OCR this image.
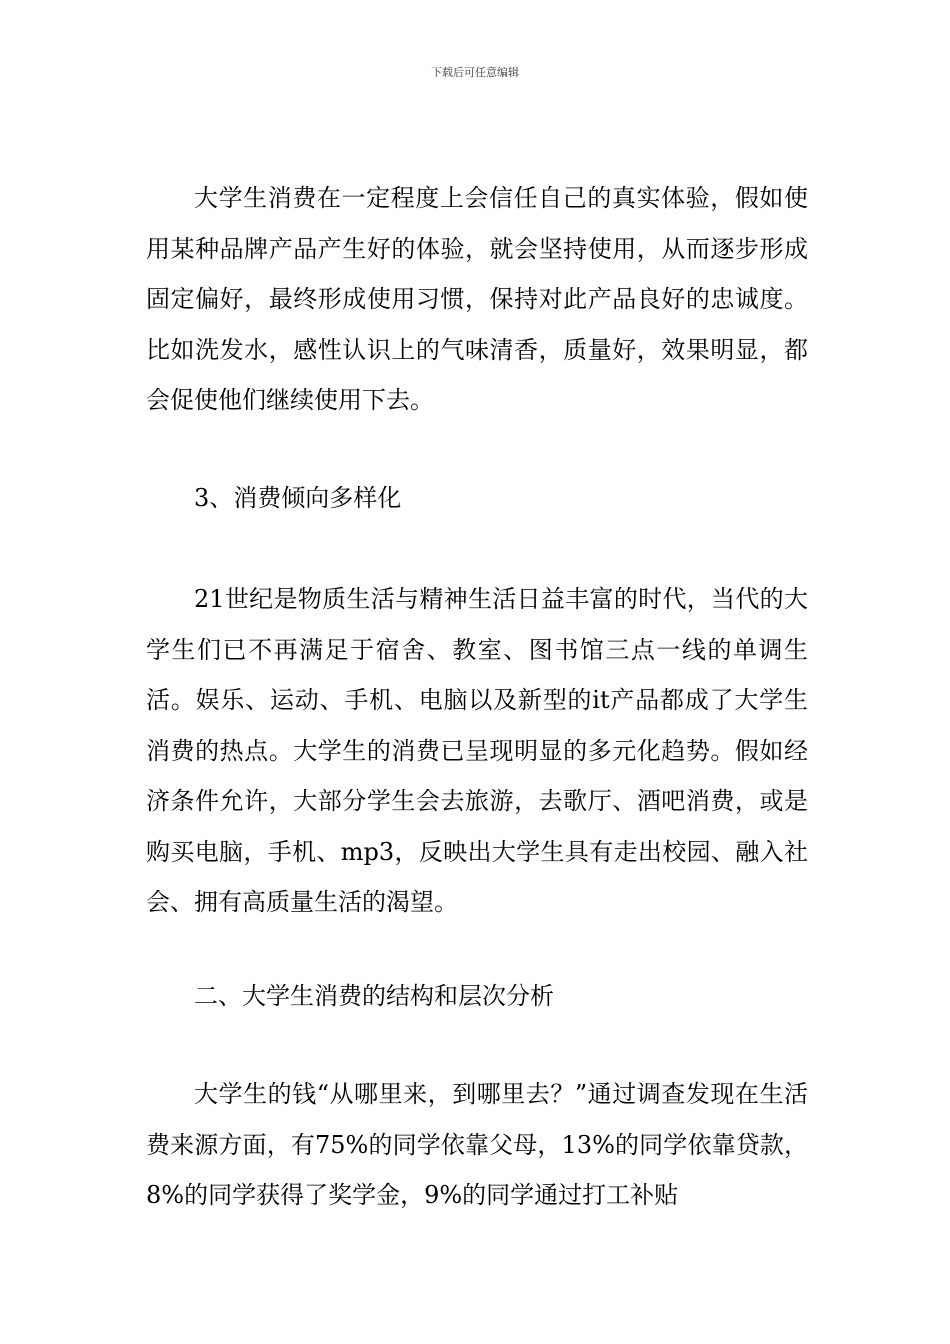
下载后可任意编辑

大学生消费在一定程度上会信任自己的真实体验，假如使用某种品牌产品产生好的体验，就会坚持使用，从而逐步形成固定偏好，最终形成使用习惯，保持对此产品良好的忠诚度。比如洗发水，感性认识上的气味清香，质量好，效果明显，都会促使他们继续使用下去。

3、消费倾向多样化

21世纪是物质生活与精神生活日益丰富的时代，当代的大学生们已不再满足于宿舍、教室、图书馆三点一线的单调生活。娱乐、运动、手机、电脑以及新型的it产品都成了大学生消费的热点。大学生的消费已呈现明显的多元化趋势。假如经济条件允许，大部分学生会去旅游，去歌厅、酒吧消费，或是购买电脑，手机、mp3，反映出大学生具有走出校园、融入社会、拥有高质量生活的渴望。

二、大学生消费的结构和层次分析

大学生的钱“从哪里来，到哪里去？”通过调查发现在生活费来源方面，有75%的同学依靠父母，13%的同学依靠贷款，8%的同学获得了奖学金，9%的同学通过打工补贴
